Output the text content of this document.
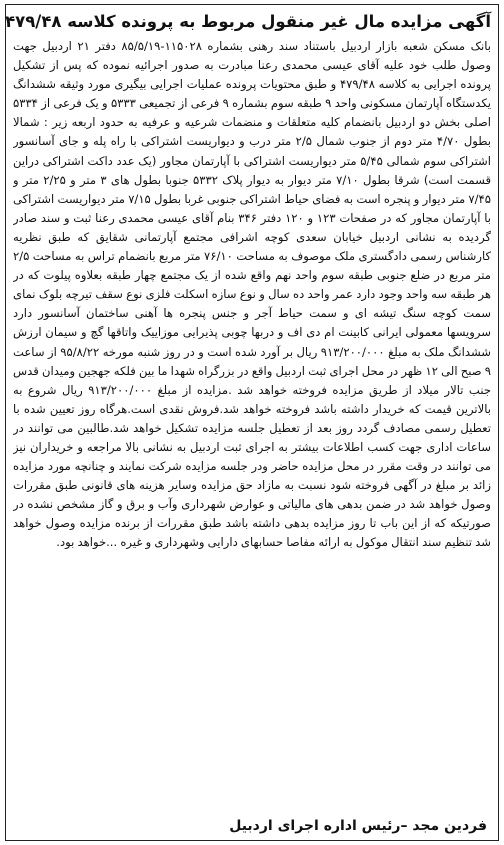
آگهی مزایده مال غیر منقول مربوط به پرونده کلاسه ۴۷۹/۴۸
بانک مسکن شعبه بازار اردبیل باستناد سند رهنی بشماره ۱۱۵۰۲۸-۸۵/۵/۱۹ دفتر ۲۱ اردبیل جهت وصول طلب خود علیه آقای عیسی محمدی رعنا مبادرت به صدور اجرائیه نموده که پس از تشکیل پرونده اجرایی به کلاسه ۴۷۹/۴۸ و طبق محتویات پرونده عملیات اجرایی بیگیری مورد وثیقه ششدانگ یکدستگاه آپارتمان مسکونی واحد ۹ طبقه سوم بشماره ۹ فرعی از تجمیعی ۵۳۳۳ و یک فرعی از ۵۳۳۴ اصلی بخش دو اردبیل بانضمام کلیه متعلقات و منضمات شرعیه و عرفیه به حدود اربعه زیر : شمالا بطول ۴/۷۰ متر دوم از جنوب شمال ۲/۵ متر درب و دیواریست اشتراکی با راه پله و جای آسانسور اشتراکی سوم شمالی ۵/۴۵ متر دیواریست اشتراکی با آپارتمان مجاور (یک عدد داکت اشتراکی دراین قسمت است) شرقا بطول ۷/۱۰ متر دیوار به دیوار پلاک ۵۳۳۲ جنوبا بطول های ۳ متر و ۲/۲۵ متر و ۷/۴۵ متر دیوار و پنجره است به فضای حیاط اشتراکی جنوبی غربا بطول ۷/۱۵ متر دیواریست اشتراکی با آپارتمان مجاور که در صفحات ۱۲۳ و ۱۲۰ دفتر ۳۴۶ بنام آقای عیسی محمدی رعنا ثبت و سند صادر گردیده به نشانی اردبیل خیابان سعدی کوچه اشرافی مجتمع آپارتمانی شقایق که طبق نظریه کارشناس رسمی دادگستری ملک موصوف به مساحت ۷۶/۱۰ متر مربع بانضمام تراس به مساحت ۲/۵ متر مربع در ضلع جنوبی طبقه سوم واحد نهم واقع شده از یک مجتمع چهار طبقه بعلاوه پیلوت که در هر طبقه سه واحد وجود دارد عمر واحد ده سال و نوع سازه اسکلت فلزی نوع سقف تیرچه بلوک نمای سمت کوچه سنگ تیشه ای و سمت حیاط آجر و جنس پنجره ها آهنی ساختمان آسانسور دارد سرویسها معمولی ایرانی کابینت ام دی اف و دربها چوبی پذیرایی موزاییک واتاقها گچ و سیمان ارزش ششدانگ ملک به مبلغ ۹۱۳/۲۰۰/۰۰۰ ریال بر آورد شده است و در روز شنبه مورخه ۹۵/۸/۲۲ از ساعت ۹ صبح الی ۱۲ ظهر در محل اجرای ثبت اردبیل واقع در بزرگراه شهدا ما بین فلکه جهجین ومیدان قدس جنب تالار میلاد از طریق مزایده فروخته خواهد شد .مزایده از مبلغ ۹۱۳/۲۰۰/۰۰۰ ریال شروع به بالاترین قیمت که خریدار داشته باشد فروخته خواهد شد.فروش نقدی است.هرگاه روز تعیین شده با تعطیل رسمی مصادف گردد روز بعد از تعطیل جلسه مزایده تشکیل خواهد شد.طالبین می توانند در ساعات اداری جهت کسب اطلاعات بیشتر به اجرای ثبت اردبیل به نشانی بالا مراجعه و خریداران نیز می توانند در وقت مقرر در محل مزایده حاضر ودر جلسه مزایده شرکت نمایند و چنانچه مورد مزایده زائد بر مبلغ در آگهی فروخته شود نسبت به مازاد حق مزایده وسایر هزینه های قانونی طبق مقررات وصول خواهد شد در ضمن بدهی های مالیاتی و عوارض شهرداری وآب و برق و گاز مشخص نشده در صورتیکه که از این باب تا روز مزایده بدهی داشته باشد طبق مقررات از برنده مزایده وصول خواهد شد تنظیم سند انتقال موکول به ارائه مفاصا حسابهای دارایی وشهرداری و غیره ...خواهد بود.
فردین مجد –رئیس اداره اجرای اردبیل
